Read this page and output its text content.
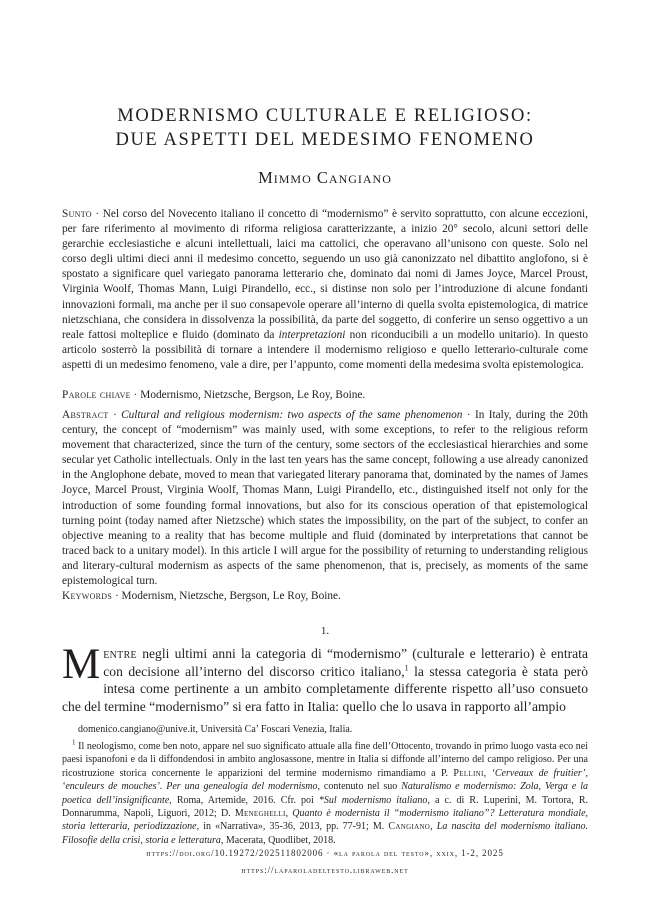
MODERNISMO CULTURALE E RELIGIOSO:
DUE ASPETTI DEL MEDESIMO FENOMENO
Mimmo Cangiano
Sunto · Nel corso del Novecento italiano il concetto di “modernismo” è servito soprattutto, con alcune eccezioni, per fare riferimento al movimento di riforma religiosa caratterizzante, a inizio 20° secolo, alcuni settori delle gerarchie ecclesiastiche e alcuni intellettuali, laici ma cattolici, che operavano all’unisono con queste. Solo nel corso degli ultimi dieci anni il medesimo concetto, seguendo un uso già canonizzato nel dibattito anglofono, si è spostato a significare quel variegato panorama letterario che, dominato dai nomi di James Joyce, Marcel Proust, Virginia Woolf, Thomas Mann, Luigi Pirandello, ecc., si distinse non solo per l’introduzione di alcune fondanti innovazioni formali, ma anche per il suo consapevole operare all’interno di quella svolta epistemologica, di matrice nietzschiana, che considera in dissolvenza la possibilità, da parte del soggetto, di conferire un senso oggettivo a un reale fattosi molteplice e fluido (dominato da interpretazioni non riconducibili a un modello unitario). In questo articolo sosterrò la possibilità di tornare a intendere il modernismo religioso e quello letterario-culturale come aspetti di un medesimo fenomeno, vale a dire, per l’appunto, come momenti della medesima svolta epistemologica.
Parole chiave · Modernismo, Nietzsche, Bergson, Le Roy, Boine.
Abstract · Cultural and religious modernism: two aspects of the same phenomenon · In Italy, during the 20th century, the concept of “modernism” was mainly used, with some exceptions, to refer to the religious reform movement that characterized, since the turn of the century, some sectors of the ecclesiastical hierarchies and some secular yet Catholic intellectuals. Only in the last ten years has the same concept, following a use already canonized in the Anglophone debate, moved to mean that variegated literary panorama that, dominated by the names of James Joyce, Marcel Proust, Virginia Woolf, Thomas Mann, Luigi Pirandello, etc., distinguished itself not only for the introduction of some founding formal innovations, but also for its conscious operation of that epistemological turning point (today named after Nietzsche) which states the impossibility, on the part of the subject, to confer an objective meaning to a reality that has become multiple and fluid (dominated by interpretations that cannot be traced back to a unitary model). In this article I will argue for the possibility of returning to understanding religious and literary-cultural modernism as aspects of the same phenomenon, that is, precisely, as moments of the same epistemological turn.
Keywords · Modernism, Nietzsche, Bergson, Le Roy, Boine.
1.
Mentre negli ultimi anni la categoria di “modernismo” (culturale e letterario) è entrata con decisione all’interno del discorso critico italiano,$^1$ la stessa categoria è stata però intesa come pertinente a un ambito completamente differente rispetto all’uso consueto che del termine “modernismo” si era fatto in Italia: quello che lo usava in rapporto all’ampio
domenico.cangiano@unive.it, Università Ca’ Foscari Venezia, Italia.
$^1$ Il neologismo, come ben noto, appare nel suo significato attuale alla fine dell’Ottocento, trovando in primo luogo vasta eco nei paesi ispanofoni e da lì diffondendosi in ambito anglosassone, mentre in Italia si diffonde all’interno del campo religioso. Per una ricostruzione storica concernente le apparizioni del termine modernismo rimandiamo a P. Pellini, ‘Cerveaux de fruitier’, ‘enculeurs de mouches’. Per una genealogia del modernismo, contenuto nel suo Naturalismo e modernismo: Zola, Verga e la poetica dell’insignificante, Roma, Artemide, 2016. Cfr. poi *Sul modernismo italiano, a c. di R. Luperini, M. Tortora, R. Donnarumma, Napoli, Liguori, 2012; D. Meneghelli, Quanto è modernista il “modernismo italiano”? Letteratura mondiale, storia letteraria, periodizzazione, in «Narrativa», 35-36, 2013, pp. 77-91; M. Cangiano, La nascita del modernismo italiano. Filosofie della crisi, storia e letteratura, Macerata, Quodlibet, 2018.
https://doi.org/10.19272/202511802006 · «la parola del testo», xxix, 1-2, 2025
https://laparoladeltesto.libraweb.net
